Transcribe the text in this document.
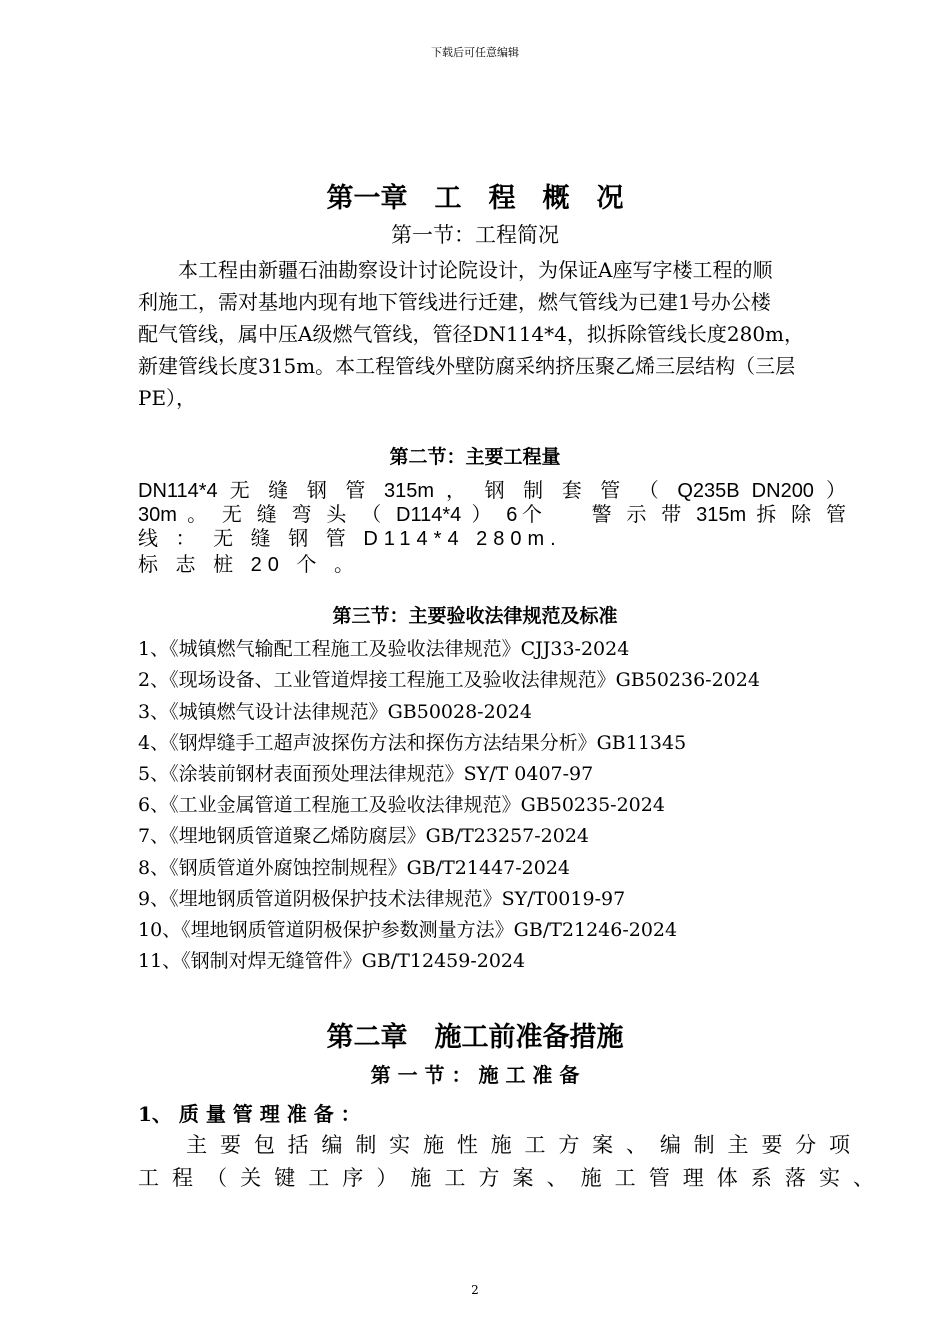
下载后可任意编辑
第一章　工　程　概　况
第一节：工程简况
　　本工程由新疆石油勘察设计讨论院设计，为保证A座写字楼工程的顺
利施工，需对基地内现有地下管线进行迁建，燃气管线为已建1号办公楼
配气管线，属中压A级燃气管线，管径DN114*4，拟拆除管线长度280m，
新建管线长度315m。本工程管线外壁防腐采纳挤压聚乙烯三层结构（三层
PE），
第二节：主要工程量
DN114*4 无 缝 钢 管 315m ， 钢 制 套 管 （ Q235B DN200 ）
30m 。 无 缝 弯 头 （ D114*4 ） 6个 　 警 示 带 315m 拆 除 管
线 ： 无 缝 钢 管 D114*4 280m.
标 志 桩 20 个 。
第三节：主要验收法律规范及标准
1、《城镇燃气输配工程施工及验收法律规范》CJJ33-2024
2、《现场设备、工业管道焊接工程施工及验收法律规范》GB50236-2024
3、《城镇燃气设计法律规范》GB50028-2024
4、《钢焊缝手工超声波探伤方法和探伤方法结果分析》GB11345
5、《涂装前钢材表面预处理法律规范》SY/T 0407-97
6、《工业金属管道工程施工及验收法律规范》GB50235-2024
7、《埋地钢质管道聚乙烯防腐层》GB/T23257-2024
8、《钢质管道外腐蚀控制规程》GB/T21447-2024
9、《埋地钢质管道阴极保护技术法律规范》SY/T0019-97
10、《埋地钢质管道阴极保护参数测量方法》GB/T21246-2024
11、《钢制对焊无缝管件》GB/T12459-2024
第二章　施工前准备措施
第 一 节 ： 施 工 准 备
1、 质 量 管 理 准 备 ：
　　主 要 包 括 编 制 实 施 性 施 工 方 案 、 编 制 主 要 分 项
工 程 （ 关 键 工 序 ） 施 工 方 案 、 施 工 管 理 体 系 落 实 、
2
